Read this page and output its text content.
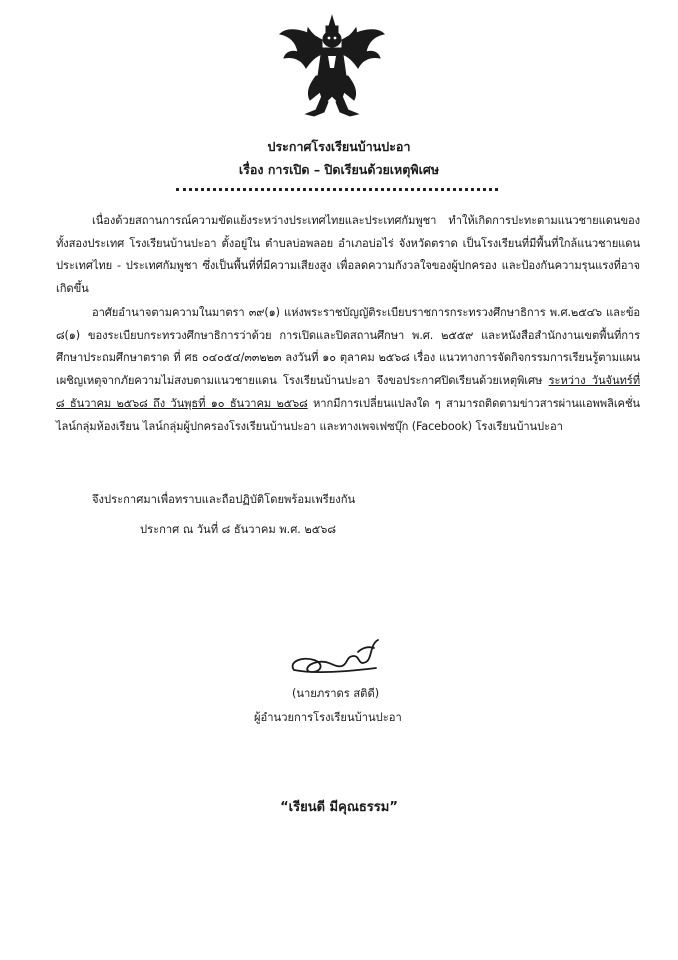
ประกาศโรงเรียนบ้านปะอา
เรื่อง การเปิด – ปิดเรียนด้วยเหตุพิเศษ
เนื่องด้วยสถานการณ์ความขัดแย้งระหว่างประเทศไทยและประเทศกัมพูชา ทำให้เกิดการปะทะตามแนวชายแดนของทั้งสองประเทศ โรงเรียนบ้านปะอา ตั้งอยู่ใน ตำบลบ่อพลอย อำเภอบ่อไร่ จังหวัดตราด เป็นโรงเรียนที่มีพื้นที่ใกล้แนวชายแดนประเทศไทย - ประเทศกัมพูชา ซึ่งเป็นพื้นที่ที่มีความเสียงสูง เพื่อลดความกังวลใจของผู้ปกครอง และป้องกันความรุนแรงที่อาจเกิดขึ้น
อาศัยอำนาจตามความในมาตรา ๓๙(๑) แห่งพระราชบัญญัติระเบียบราชการกระทรวงศึกษาธิการ พ.ศ.๒๕๔๖ และข้อ ๘(๑) ของระเบียบกระทรวงศึกษาธิการว่าด้วย การเปิดและปิดสถานศึกษา พ.ศ. ๒๕๕๙ และหนังสือสำนักงานเขตพื้นที่การศึกษาประถมศึกษาตราด ที่ ศธ ๐๔๐๕๔/๓๓๒๒๓ ลงวันที่ ๑๐ ตุลาคม ๒๕๖๘ เรื่อง แนวทางการจัดกิจกรรมการเรียนรู้ตามแผนเผชิญเหตุจากภัยความไม่สงบตามแนวชายแดน โรงเรียนบ้านปะอา จึงขอประกาศปิดเรียนด้วยเหตุพิเศษ ระหว่าง วันจันทร์ที่ ๘ ธันวาคม ๒๕๖๘ ถึง วันพุธที่ ๑๐ ธันวาคม ๒๕๖๘ หากมีการเปลี่ยนแปลงใด ๆ สามารถติดตามข่าวสารผ่านแอพพลิเคชั่นไลน์กลุ่มห้องเรียน ไลน์กลุ่มผู้ปกครองโรงเรียนบ้านปะอา และทางเพจเฟซบุ๊ก (Facebook) โรงเรียนบ้านปะอา
จึงประกาศมาเพื่อทราบและถือปฏิบัติโดยพร้อมเพรียงกัน
ประกาศ ณ วันที่ ๘ ธันวาคม พ.ศ. ๒๕๖๘
(นายภราดร สติดี)
ผู้อำนวยการโรงเรียนบ้านปะอา
“เรียนดี มีคุณธรรม”
